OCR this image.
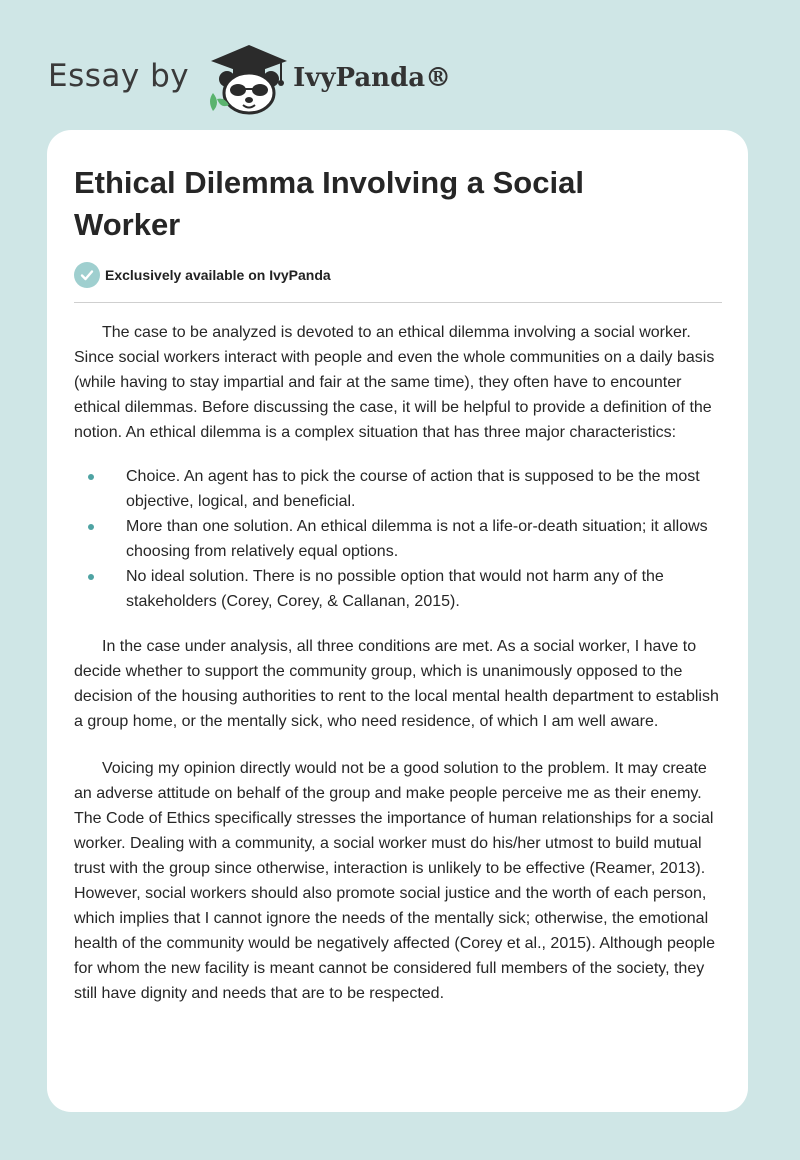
Essay by	IvyPanda®
Ethical Dilemma Involving a Social Worker
Exclusively available on IvyPanda

The case to be analyzed is devoted to an ethical dilemma involving a social worker. Since social workers interact with people and even the whole communities on a daily basis (while having to stay impartial and fair at the same time), they often have to encounter ethical dilemmas. Before discussing the case, it will be helpful to provide a definition of the notion. An ethical dilemma is a complex situation that has three major characteristics:

Choice. An agent has to pick the course of action that is supposed to be the most objective, logical, and beneficial.
More than one solution. An ethical dilemma is not a life-or-death situation; it allows choosing from relatively equal options.
No ideal solution. There is no possible option that would not harm any of the stakeholders (Corey, Corey, & Callanan, 2015).

In the case under analysis, all three conditions are met. As a social worker, I have to decide whether to support the community group, which is unanimously opposed to the decision of the housing authorities to rent to the local mental health department to establish a group home, or the mentally sick, who need residence, of which I am well aware.

Voicing my opinion directly would not be a good solution to the problem. It may create an adverse attitude on behalf of the group and make people perceive me as their enemy. The Code of Ethics specifically stresses the importance of human relationships for a social worker. Dealing with a community, a social worker must do his/her utmost to build mutual trust with the group since otherwise, interaction is unlikely to be effective (Reamer, 2013). However, social workers should also promote social justice and the worth of each person, which implies that I cannot ignore the needs of the mentally sick; otherwise, the emotional health of the community would be negatively affected (Corey et al., 2015). Although people for whom the new facility is meant cannot be considered full members of the society, they still have dignity and needs that are to be respected.
